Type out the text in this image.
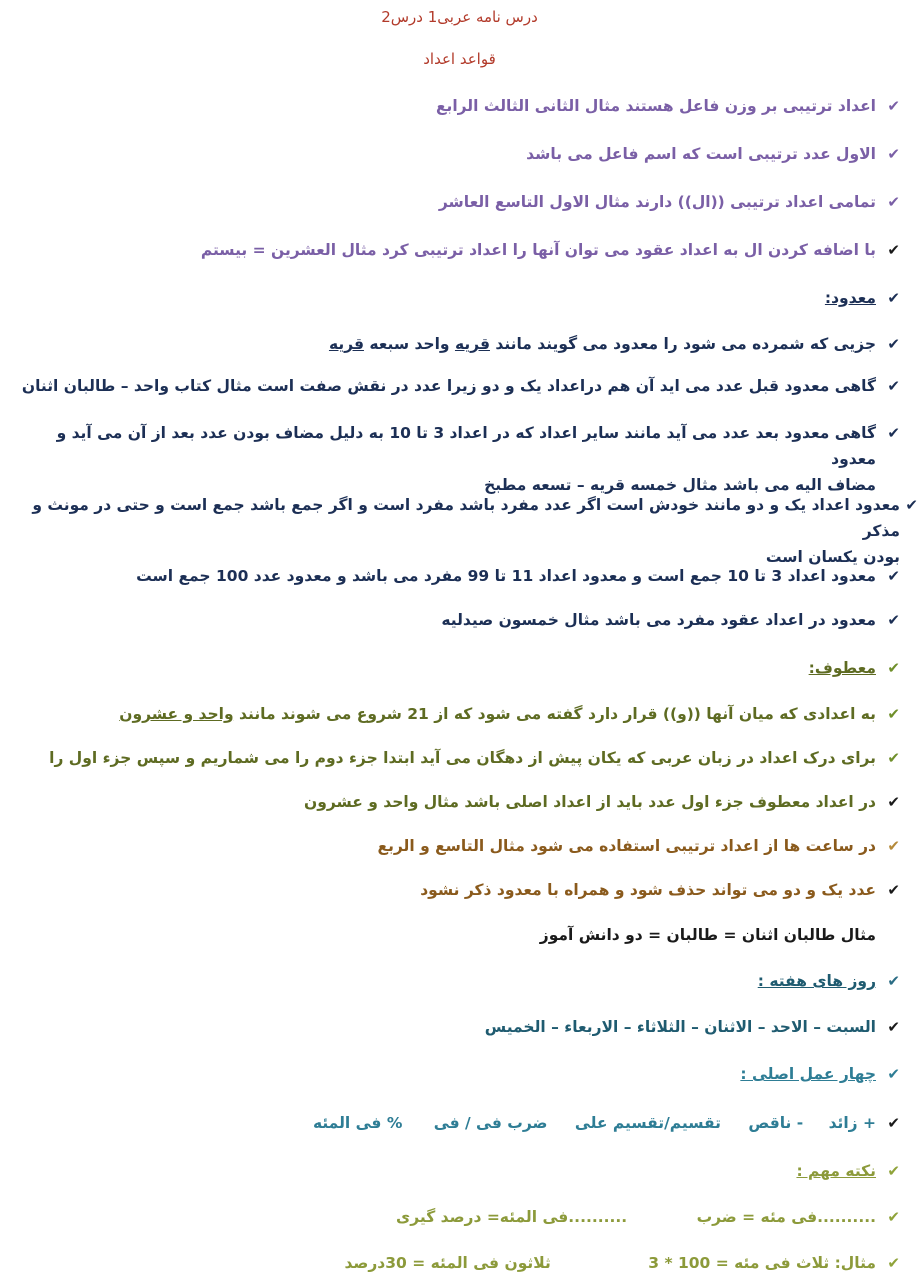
درس نامه عربی1 درس2
قواعد اعداد
✔
اعداد ترتیبی بر وزن فاعل هستند مثال الثانی الثالث الرابع
✔
الاول عدد ترتیبی است که اسم فاعل می باشد
✔
تمامی اعداد ترتیبی ((ال)) دارند مثال الاول التاسع العاشر
✔
با اضافه کردن ال به اعداد عقود می توان آنها را اعداد ترتیبی کرد مثال العشرین = بیستم
✔
معدود:
✔
جزیی که شمرده می شود را معدود می گویند مانند قریه واحد سبعه قریه
✔
گاهی معدود قبل عدد می اید آن هم دراعداد یک و دو زیرا عدد در نقش صفت است مثال کتاب واحد – طالبان اثنان
✔
گاهی معدود بعد عدد می آید مانند سایر اعداد که در اعداد 3 تا 10 به دلیل مضاف بودن عدد بعد از آن می آید و معدود
مضاف الیه می باشد مثال خمسه قریه – تسعه مطبخ
✔
معدود اعداد یک و دو مانند خودش است اگر عدد مفرد باشد مفرد است و اگر جمع باشد جمع است و حتی در مونث و مذکر
بودن یکسان است
✔
معدود اعداد 3 تا 10 جمع است و معدود اعداد 11 تا 99 مفرد می باشد و معدود عدد 100 جمع است
✔
معدود در اعداد عقود مفرد می باشد مثال خمسون صیدلیه
✔
معطوف:
✔
به اعدادی که میان آنها ((و)) قرار دارد گفته می شود که از 21 شروع می شوند مانند واحد و عشرون
✔
برای درک اعداد در زبان عربی که یکان پیش از دهگان می آید ابتدا جزء دوم را می شماریم و سپس جزء اول را
✔
در اعداد معطوف جزء اول عدد باید از اعداد اصلی باشد مثال واحد و عشرون
✔
در ساعت ها از اعداد ترتیبی استفاده می شود مثال التاسع و الربع
✔
عدد یک و دو می تواند حذف شود و همراه با معدود ذکر نشود
مثال طالبان اثنان = طالبان = دو دانش آموز
✔
روز های هفته :
✔
السبت – الاحد – الاثنان – الثلاثاء – الاربعاء – الخمیس
✔
چهار عمل اصلی :
✔
+ زائد - ناقص تقسیم/تقسیم علی ضرب فی / فی % فی المئه
✔
نکته مهم :
✔
..........فی مئه = ضرب ..........فی المئه= درصد گیری
✔
مثال: ثلاث فی مئه = 100 * 3 ثلاثون فی المئه = 30درصد
